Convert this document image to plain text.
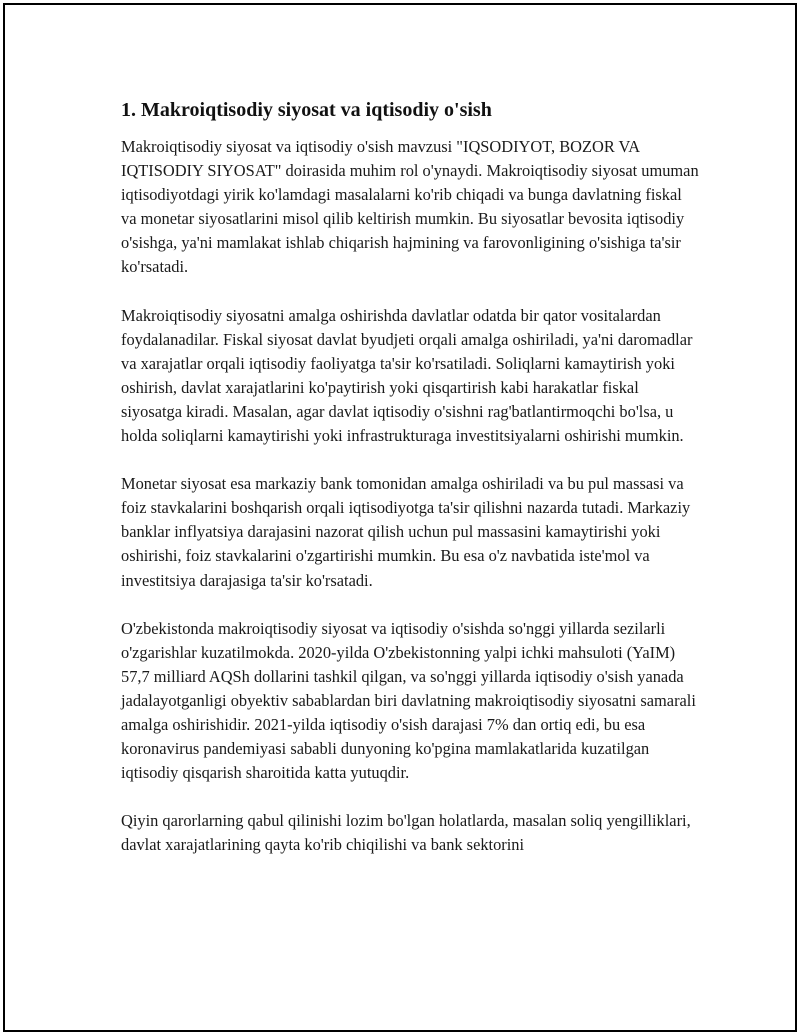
1. Makroiqtisodiy siyosat va iqtisodiy o'sish

Makroiqtisodiy siyosat va iqtisodiy o'sish mavzusi "IQSODIYOT, BOZOR VA IQTISODIY SIYOSAT" doirasida muhim rol o'ynaydi. Makroiqtisodiy siyosat umuman iqtisodiyotdagi yirik ko'lamdagi masalalarni ko'rib chiqadi va bunga davlatning fiskal va monetar siyosatlarini misol qilib keltirish mumkin. Bu siyosatlar bevosita iqtisodiy o'sishga, ya'ni mamlakat ishlab chiqarish hajmining va farovonligining o'sishiga ta'sir ko'rsatadi.

Makroiqtisodiy siyosatni amalga oshirishda davlatlar odatda bir qator vositalardan foydalanadilar. Fiskal siyosat davlat byudjeti orqali amalga oshiriladi, ya'ni daromadlar va xarajatlar orqali iqtisodiy faoliyatga ta'sir ko'rsatiladi. Soliqlarni kamaytirish yoki oshirish, davlat xarajatlarini ko'paytirish yoki qisqartirish kabi harakatlar fiskal siyosatga kiradi. Masalan, agar davlat iqtisodiy o'sishni rag'batlantirmoqchi bo'lsa, u holda soliqlarni kamaytirishi yoki infrastrukturaga investitsiyalarni oshirishi mumkin.

Monetar siyosat esa markaziy bank tomonidan amalga oshiriladi va bu pul massasi va foiz stavkalarini boshqarish orqali iqtisodiyotga ta'sir qilishni nazarda tutadi. Markaziy banklar inflyatsiya darajasini nazorat qilish uchun pul massasini kamaytirishi yoki oshirishi, foiz stavkalarini o'zgartirishi mumkin. Bu esa o'z navbatida iste'mol va investitsiya darajasiga ta'sir ko'rsatadi.

O'zbekistonda makroiqtisodiy siyosat va iqtisodiy o'sishda so'nggi yillarda sezilarli o'zgarishlar kuzatilmokda. 2020-yilda O'zbekistonning yalpi ichki mahsuloti (YaIM) 57,7 milliard AQSh dollarini tashkil qilgan, va so'nggi yillarda iqtisodiy o'sish yanada jadalayotganligi obyektiv sabablardan biri davlatning makroiqtisodiy siyosatni samarali amalga oshirishidir. 2021-yilda iqtisodiy o'sish darajasi 7% dan ortiq edi, bu esa koronavirus pandemiyasi sababli dunyoning ko'pgina mamlakatlarida kuzatilgan iqtisodiy qisqarish sharoitida katta yutuqdir.

Qiyin qarorlarning qabul qilinishi lozim bo'lgan holatlarda, masalan soliq yengilliklari, davlat xarajatlarining qayta ko'rib chiqilishi va bank sektorini
